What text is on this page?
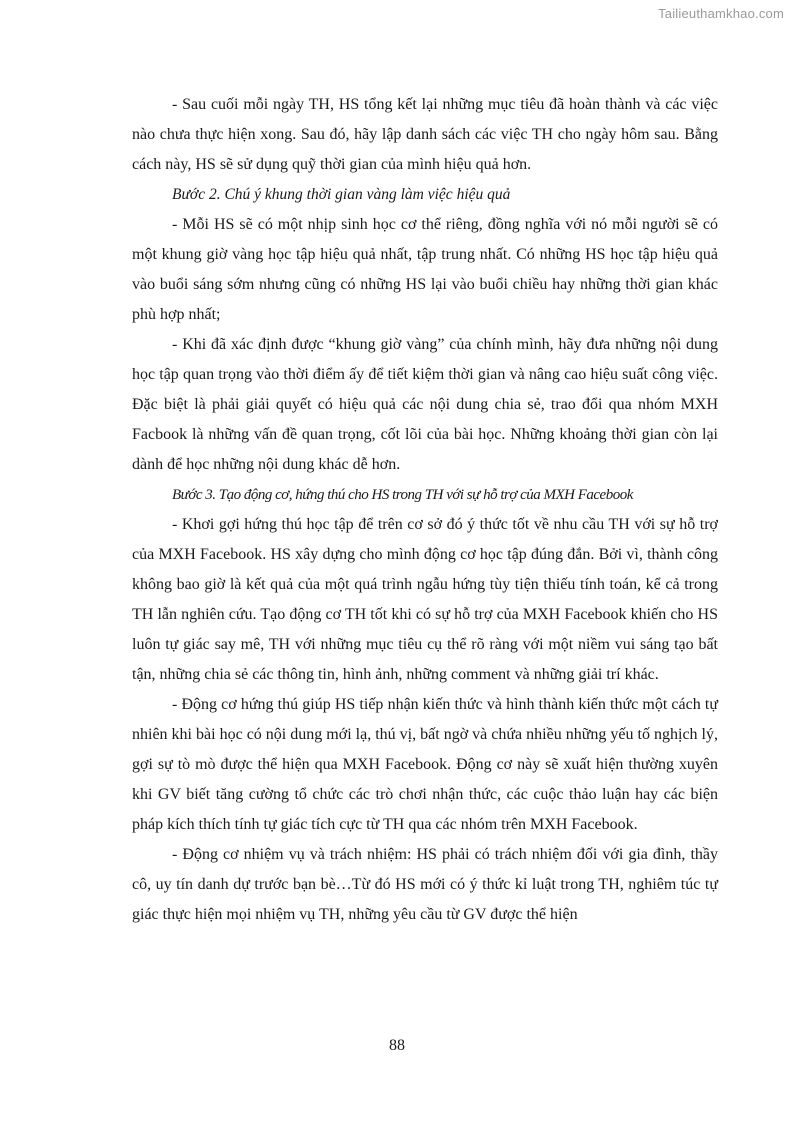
Tailieuthamkhao.com

- Sau cuối mỗi ngày TH, HS tổng kết lại những mục tiêu đã hoàn thành và các việc nào chưa thực hiện xong. Sau đó, hãy lập danh sách các việc TH cho ngày hôm sau. Bằng cách này, HS sẽ sử dụng quỹ thời gian của mình hiệu quả hơn.

Bước 2. Chú ý khung thời gian vàng làm việc hiệu quả

- Mỗi HS sẽ có một nhịp sinh học cơ thể riêng, đồng nghĩa với nó mỗi người sẽ có một khung giờ vàng học tập hiệu quả nhất, tập trung nhất. Có những HS học tập hiệu quả vào buổi sáng sớm nhưng cũng có những HS lại vào buổi chiều hay những thời gian khác phù hợp nhất;

- Khi đã xác định được “khung giờ vàng” của chính mình, hãy đưa những nội dung học tập quan trọng vào thời điểm ấy để tiết kiệm thời gian và nâng cao hiệu suất công việc. Đặc biệt là phải giải quyết có hiệu quả các nội dung chia sẻ, trao đổi qua nhóm MXH Facbook là những vấn đề quan trọng, cốt lõi của bài học. Những khoảng thời gian còn lại dành để học những nội dung khác dễ hơn.

Bước 3. Tạo động cơ, hứng thú cho HS trong TH với sự hỗ trợ của MXH Facebook

- Khơi gợi hứng thú học tập để trên cơ sở đó ý thức tốt về nhu cầu TH với sự hỗ trợ của MXH Facebook. HS xây dựng cho mình động cơ học tập đúng đắn. Bởi vì, thành công không bao giờ là kết quả của một quá trình ngẫu hứng tùy tiện thiếu tính toán, kể cả trong TH lẫn nghiên cứu. Tạo động cơ TH tốt khi có sự hỗ trợ của MXH Facebook khiến cho HS luôn tự giác say mê, TH với những mục tiêu cụ thể rõ ràng với một niềm vui sáng tạo bất tận, những chia sẻ các thông tin, hình ảnh, những comment và những giải trí khác.

- Động cơ hứng thú giúp HS tiếp nhận kiến thức và hình thành kiến thức một cách tự nhiên khi bài học có nội dung mới lạ, thú vị, bất ngờ và chứa nhiều những yếu tố nghịch lý, gợi sự tò mò được thể hiện qua MXH Facebook. Động cơ này sẽ xuất hiện thường xuyên khi GV biết tăng cường tổ chức các trò chơi nhận thức, các cuộc thảo luận hay các biện pháp kích thích tính tự giác tích cực từ TH qua các nhóm trên MXH Facebook.

- Động cơ nhiệm vụ và trách nhiệm: HS phải có trách nhiệm đối với gia đình, thầy cô, uy tín danh dự trước bạn bè…Từ đó HS mới có ý thức kỉ luật trong TH, nghiêm túc tự giác thực hiện mọi nhiệm vụ TH, những yêu cầu từ GV được thể hiện

88
